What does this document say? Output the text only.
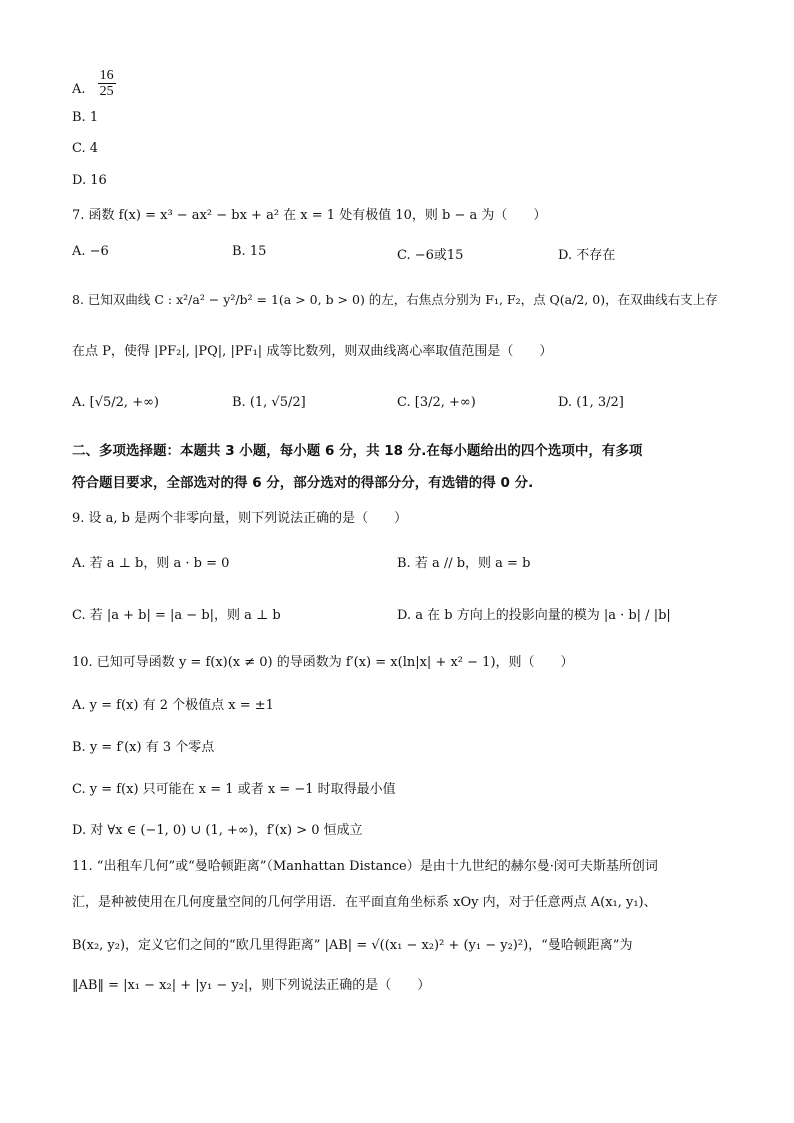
A. $\frac{16}{25}$
B. 1
C. 4
D. 16
7. 函数 f(x) = x³ − ax² − bx + a² 在 x = 1 处有极值 10，则 b − a 为（　　）
A. −6	B. 15	C. −6或15	D. 不存在
8. 已知双曲线 C : x²/a² − y²/b² = 1(a > 0, b > 0) 的左，右焦点分别为 F₁, F₂，点 Q(a/2, 0)，在双曲线右支上存
在点 P，使得 |PF₂|, |PQ|, |PF₁| 成等比数列，则双曲线离心率取值范围是（　　）
A. [√5/2, +∞)	B. (1, √5/2]	C. [3/2, +∞)	D. (1, 3/2]
二、多项选择题：本题共 3 小题，每小题 6 分，共 18 分.在每小题给出的四个选项中，有多项
符合题目要求，全部选对的得 6 分，部分选对的得部分分，有选错的得 0 分.
9. 设 a, b 是两个非零向量，则下列说法正确的是（　　）
A. 若 a ⊥ b，则 a · b = 0	B. 若 a // b，则 a = b
C. 若 |a + b| = |a − b|，则 a ⊥ b	D. a 在 b 方向上的投影向量的模为 |a · b| / |b|
10. 已知可导函数 y = f(x)(x ≠ 0) 的导函数为 f′(x) = x(ln|x| + x² − 1)，则（　　）
A. y = f(x) 有 2 个极值点 x = ±1
B. y = f′(x) 有 3 个零点
C. y = f(x) 只可能在 x = 1 或者 x = −1 时取得最小值
D. 对 ∀x ∈ (−1, 0) ∪ (1, +∞)，f′(x) > 0 恒成立
11. “出租车几何”或“曼哈顿距离”（Manhattan Distance）是由十九世纪的赫尔曼·闵可夫斯基所创词
汇，是种被使用在几何度量空间的几何学用语．在平面直角坐标系 xOy 内，对于任意两点 A(x₁, y₁)、
B(x₂, y₂)，定义它们之间的“欧几里得距离” |AB| = √((x₁ − x₂)² + (y₁ − y₂)²)，“曼哈顿距离”为
‖AB‖ = |x₁ − x₂| + |y₁ − y₂|，则下列说法正确的是（　　）
